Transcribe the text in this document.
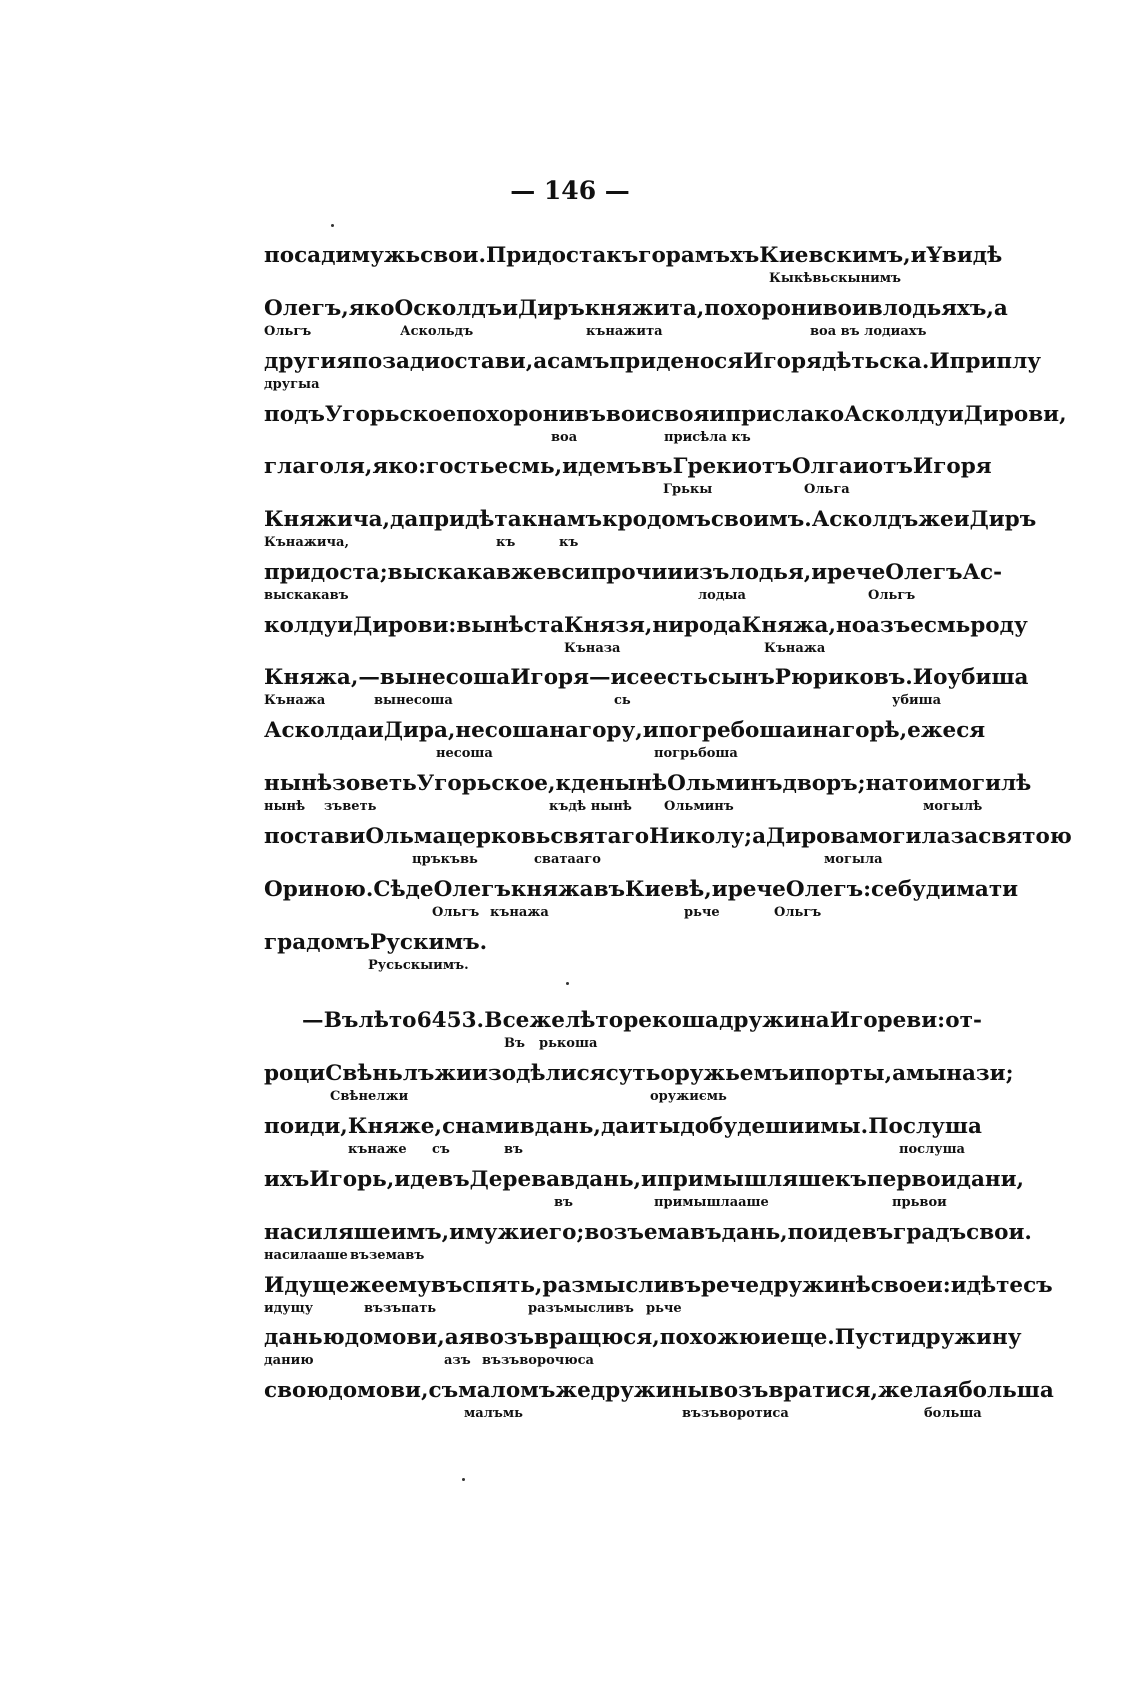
— 146 —
посади мужь свои. Придоста къ горамъ хъ Киевскимъ, и Ұвидѣ
Кыкѣвьскынимъ
Олегъ, яко Осколдъ и Диръ княжита, похорони вои в лодьяхъ, а
Ольгъ	Аскольдъ	кънажита	воа въ лодиахъ
другия позади остави, а самъ приде нося Игоря дѣтьска. И приплу
другыа
подъ Угорьское похоронивъ вои своя и присла ко Асколду и Дирови,
воа	присѣла къ
глаголя, яко: гость есмь, идемъ въ Греки отъ Олга и отъ Игоря
Грькы	Ольга
Княжича, да придѣта к намъ к родомъ своимъ. Асколдъ же и Диръ
Кънажича,	къ	къ
придоста; выскакав же вси прочии изъ лодья, и рече Олегъ Ас-
выскакавъ	лодыа	Ольгъ
колду и Дирови: вы нѣста Князя, ни рода Княжа, но азъ есмь роду
Къназа	Кънажа
Княжа, — вынесоша Игоря — и се есть сынъ Рюриковъ. И оубиша
Кънажа	вынесоша	сь	убиша
Асколда и Дира, несоша на гору, и погребоша и на горѣ, еже ся
несоша	погрьбоша
нынѣ зоветь Угорьское, кде нынѣ Ольминъ дворъ; на тои могилѣ
нынѣ зъветь	къдѣ нынѣ Ольминъ	могылѣ
постави Ольма церковь святаго Николу; а Дирова могила за святою
цръкъвь	сватааго	могыла
Ориною. Сѣде Олегъ княжа въ Киевѣ, и рече Олегъ: се буди мати
Ольгъ кънажа	рьче	Ольгъ
градомъ Рускимъ.
Русьскыимъ.
— Въ лѣто 6453. В се же лѣто рекоша дружина Игореви: от-
Въ рькоша
роци Свѣньлъжи изодѣлися суть оружьемъ и порты, а мы нази;
Свѣнелжи	оружиємь
поиди, Княже, с нами в дань, да и ты добудеши и мы. Послуша
кънаже съ	въ	послуша
ихъ Игорь, иде въ Дерева в дань, и примышляше къ первои дани,
въ	примышлааше	прьвои
насиляше имъ, и мужи его; возъемавъ дань, поиде въ градъ свои.
насилааше въземавъ
Идуще же ему въспять, размысливъ рече дружинѣ своеи: идѣте съ
идущу	възъпать	разъмысливъ рьче
данью домови, а я возъвращюся, похожю и еще. Пусти дружину
данию	азъ възъворочюса
свою домови, съ маломъ же дружины возъвратися, желая больша
малъмь	възъворотиса	больша
